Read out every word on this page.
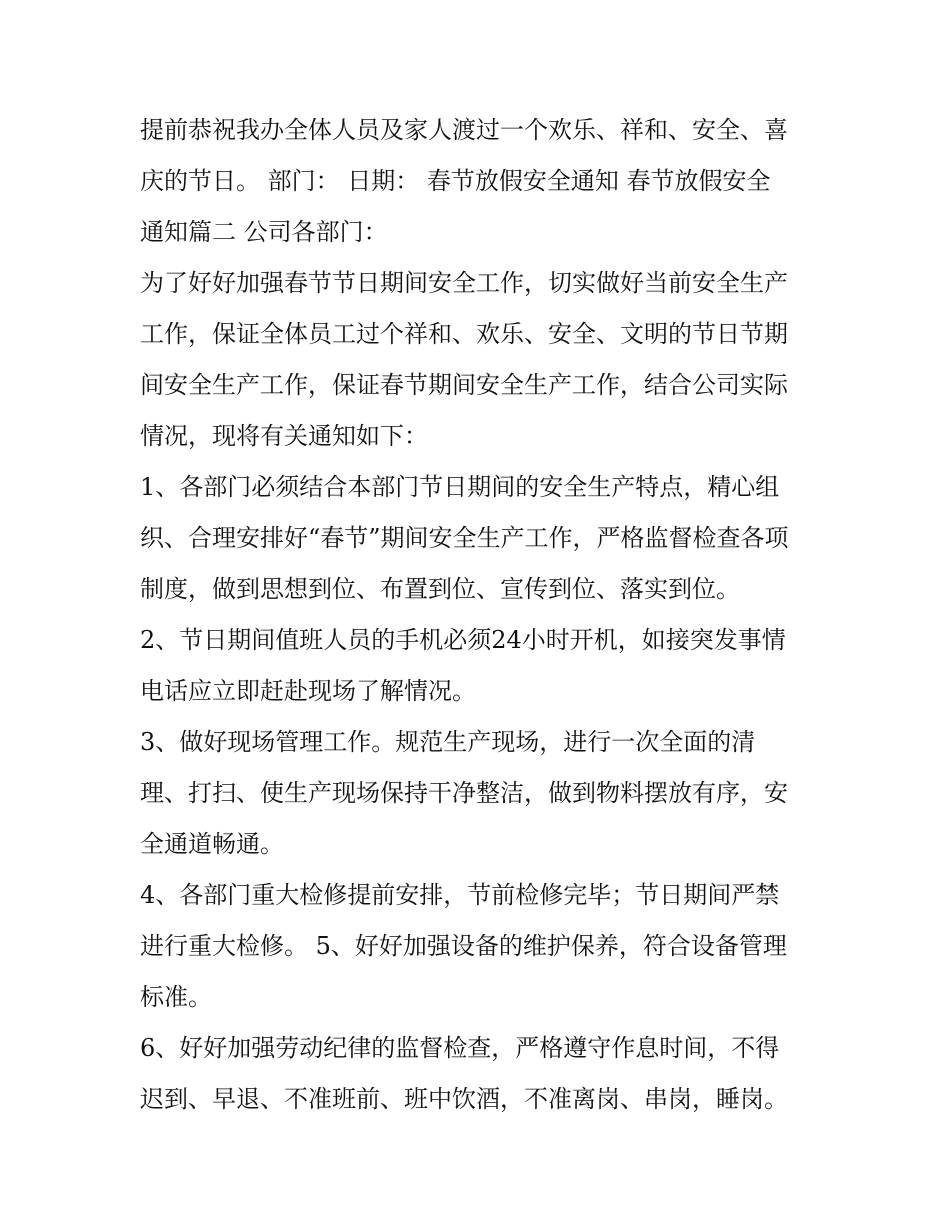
提前恭祝我办全体人员及家人渡过一个欢乐、祥和、安全、喜
庆的节日。 部门： 日期： 春节放假安全通知 春节放假安全
通知篇二 公司各部门：
为了好好加强春节节日期间安全工作，切实做好当前安全生产
工作，保证全体员工过个祥和、欢乐、安全、文明的节日节期
间安全生产工作，保证春节期间安全生产工作，结合公司实际
情况，现将有关通知如下：
1、各部门必须结合本部门节日期间的安全生产特点，精心组
织、合理安排好“春节”期间安全生产工作，严格监督检查各项
制度，做到思想到位、布置到位、宣传到位、落实到位。
2、节日期间值班人员的手机必须24小时开机，如接突发事情
电话应立即赶赴现场了解情况。
3、做好现场管理工作。规范生产现场，进行一次全面的清
理、打扫、使生产现场保持干净整洁，做到物料摆放有序，安
全通道畅通。
4、各部门重大检修提前安排，节前检修完毕；节日期间严禁
进行重大检修。 5、好好加强设备的维护保养，符合设备管理
标准。
6、好好加强劳动纪律的监督检查，严格遵守作息时间，不得
迟到、早退、不准班前、班中饮酒，不准离岗、串岗，睡岗。
